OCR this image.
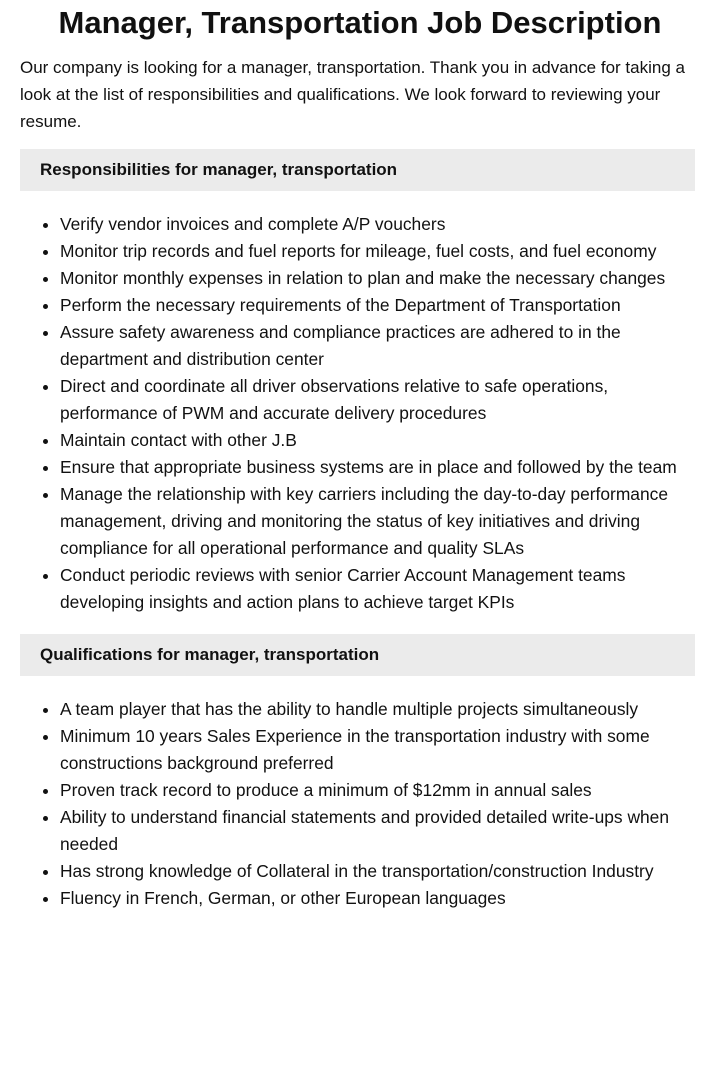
Manager, Transportation Job Description

Our company is looking for a manager, transportation. Thank you in advance for taking a look at the list of responsibilities and qualifications. We look forward to reviewing your resume.

Responsibilities for manager, transportation
• Verify vendor invoices and complete A/P vouchers
• Monitor trip records and fuel reports for mileage, fuel costs, and fuel economy
• Monitor monthly expenses in relation to plan and make the necessary changes
• Perform the necessary requirements of the Department of Transportation
• Assure safety awareness and compliance practices are adhered to in the department and distribution center
• Direct and coordinate all driver observations relative to safe operations, performance of PWM and accurate delivery procedures
• Maintain contact with other J.B
• Ensure that appropriate business systems are in place and followed by the team
• Manage the relationship with key carriers including the day-to-day performance management, driving and monitoring the status of key initiatives and driving compliance for all operational performance and quality SLAs
• Conduct periodic reviews with senior Carrier Account Management teams developing insights and action plans to achieve target KPIs
Qualifications for manager, transportation
• A team player that has the ability to handle multiple projects simultaneously
• Minimum 10 years Sales Experience in the transportation industry with some constructions background preferred
• Proven track record to produce a minimum of $12mm in annual sales
• Ability to understand financial statements and provided detailed write-ups when needed
• Has strong knowledge of Collateral in the transportation/construction Industry
• Fluency in French, German, or other European languages
